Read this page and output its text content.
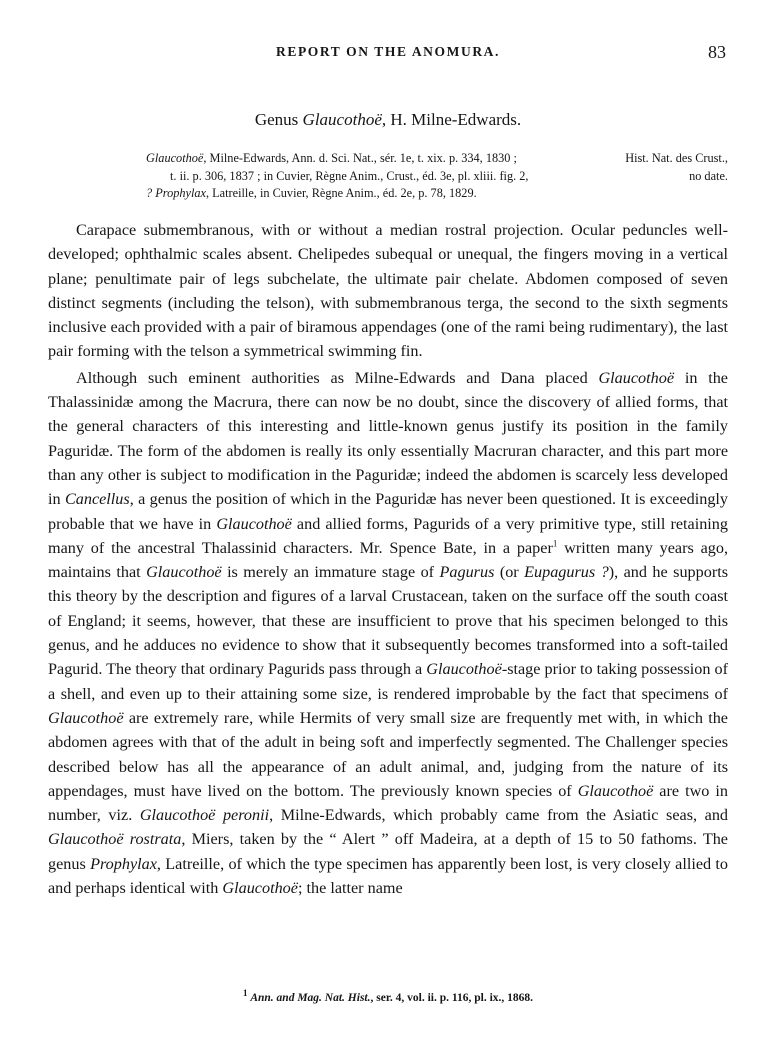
REPORT ON THE ANOMURA.	83
Genus Glaucothoë, H. Milne-Edwards.
Glaucothoë, Milne-Edwards, Ann. d. Sci. Nat., sér. 1e, t. xix. p. 334, 1830 ;	Hist. Nat. des Crust.,
t. ii. p. 306, 1837 ; in Cuvier, Règne Anim., Crust., éd. 3e, pl. xliii. fig. 2,	no date.
? Prophylax, Latreille, in Cuvier, Règne Anim., éd. 2e, p. 78, 1829.

Carapace submembranous, with or without a median rostral projection. Ocular peduncles well-developed; ophthalmic scales absent. Chelipedes subequal or unequal, the fingers moving in a vertical plane; penultimate pair of legs subchelate, the ultimate pair chelate. Abdomen composed of seven distinct segments (including the telson), with submembranous terga, the second to the sixth segments inclusive each provided with a pair of biramous appendages (one of the rami being rudimentary), the last pair forming with the telson a symmetrical swimming fin.

Although such eminent authorities as Milne-Edwards and Dana placed Glaucothoë in the Thalassinidæ among the Macrura, there can now be no doubt, since the discovery of allied forms, that the general characters of this interesting and little-known genus justify its position in the family Paguridæ. The form of the abdomen is really its only essentially Macruran character, and this part more than any other is subject to modification in the Paguridæ; indeed the abdomen is scarcely less developed in Cancellus, a genus the position of which in the Paguridæ has never been questioned. It is exceedingly probable that we have in Glaucothoë and allied forms, Pagurids of a very primitive type, still retaining many of the ancestral Thalassinid characters. Mr. Spence Bate, in a paper$^1$ written many years ago, maintains that Glaucothoë is merely an immature stage of Pagurus (or Eupagurus ?), and he supports this theory by the description and figures of a larval Crustacean, taken on the surface off the south coast of England; it seems, however, that these are insufficient to prove that his specimen belonged to this genus, and he adduces no evidence to show that it subsequently becomes transformed into a soft-tailed Pagurid. The theory that ordinary Pagurids pass through a Glaucothoë-stage prior to taking possession of a shell, and even up to their attaining some size, is rendered improbable by the fact that specimens of Glaucothoë are extremely rare, while Hermits of very small size are frequently met with, in which the abdomen agrees with that of the adult in being soft and imperfectly segmented. The Challenger species described below has all the appearance of an adult animal, and, judging from the nature of its appendages, must have lived on the bottom. The previously known species of Glaucothoë are two in number, viz. Glaucothoë peronii, Milne-Edwards, which probably came from the Asiatic seas, and Glaucothoë rostrata, Miers, taken by the “ Alert ” off Madeira, at a depth of 15 to 50 fathoms. The genus Prophylax, Latreille, of which the type specimen has apparently been lost, is very closely allied to and perhaps identical with Glaucothoë; the latter name

$^1$ Ann. and Mag. Nat. Hist., ser. 4, vol. ii. p. 116, pl. ix., 1868.
